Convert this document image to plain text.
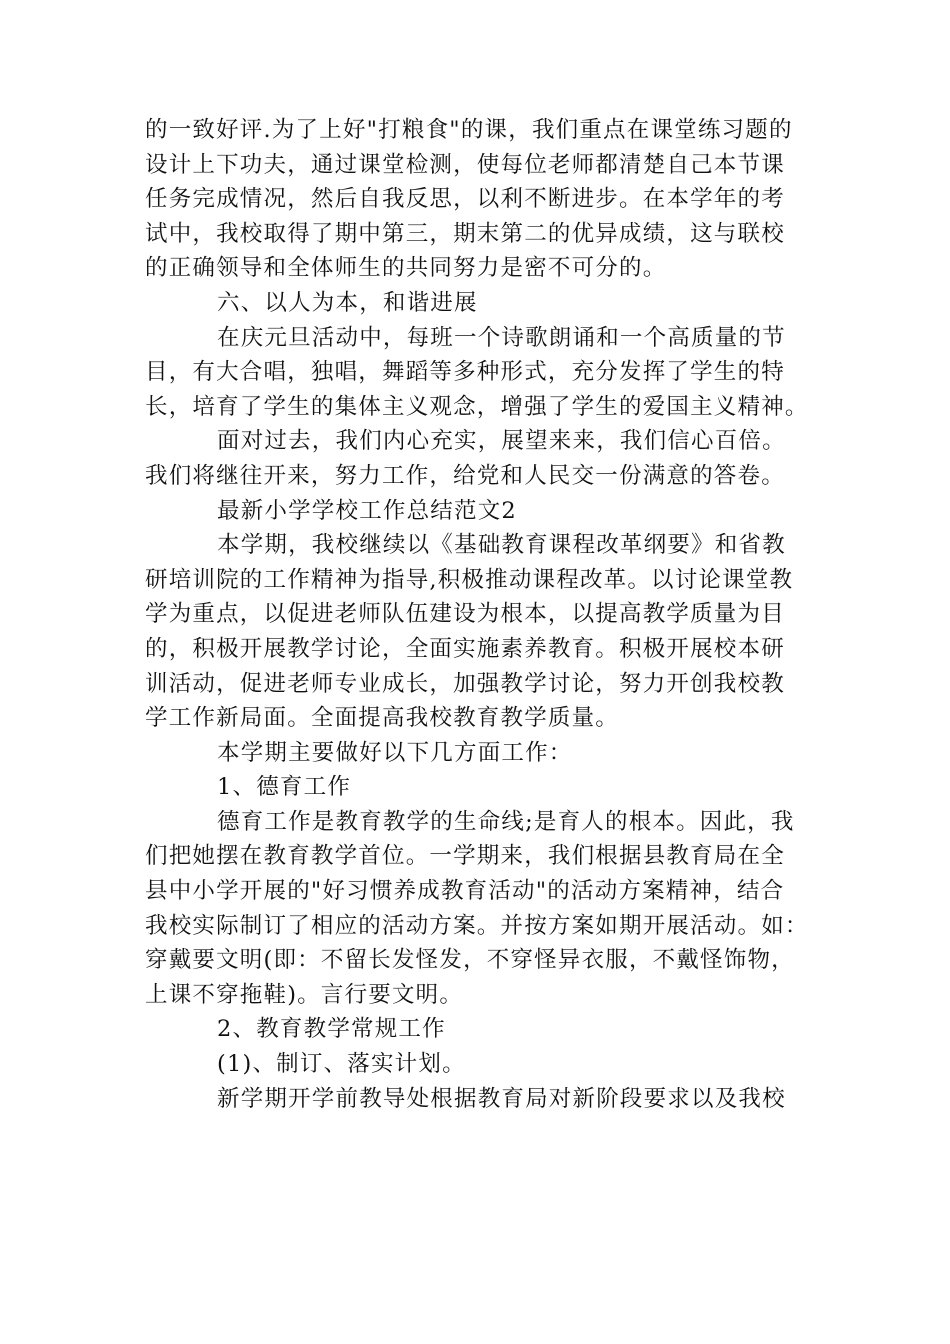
的一致好评.为了上好"打粮食"的课，我们重点在课堂练习题的
设计上下功夫，通过课堂检测，使每位老师都清楚自己本节课
任务完成情况，然后自我反思，以利不断进步。在本学年的考
试中，我校取得了期中第三，期末第二的优异成绩，这与联校
的正确领导和全体师生的共同努力是密不可分的。
六、以人为本，和谐进展
在庆元旦活动中，每班一个诗歌朗诵和一个高质量的节
目，有大合唱，独唱，舞蹈等多种形式，充分发挥了学生的特
长，培育了学生的集体主义观念，增强了学生的爱国主义精神。
面对过去，我们内心充实，展望来来，我们信心百倍。
我们将继往开来，努力工作，给党和人民交一份满意的答卷。
最新小学学校工作总结范文2
本学期，我校继续以《基础教育课程改革纲要》和省教
研培训院的工作精神为指导,积极推动课程改革。以讨论课堂教
学为重点，以促进老师队伍建设为根本，以提高教学质量为目
的，积极开展教学讨论，全面实施素养教育。积极开展校本研
训活动，促进老师专业成长，加强教学讨论，努力开创我校教
学工作新局面。全面提高我校教育教学质量。
本学期主要做好以下几方面工作：
1、德育工作
德育工作是教育教学的生命线;是育人的根本。因此，我
们把她摆在教育教学首位。一学期来，我们根据县教育局在全
县中小学开展的"好习惯养成教育活动"的活动方案精神，结合
我校实际制订了相应的活动方案。并按方案如期开展活动。如：
穿戴要文明(即：不留长发怪发，不穿怪异衣服，不戴怪饰物，
上课不穿拖鞋)。言行要文明。
2、教育教学常规工作
(1)、制订、落实计划。
新学期开学前教导处根据教育局对新阶段要求以及我校
